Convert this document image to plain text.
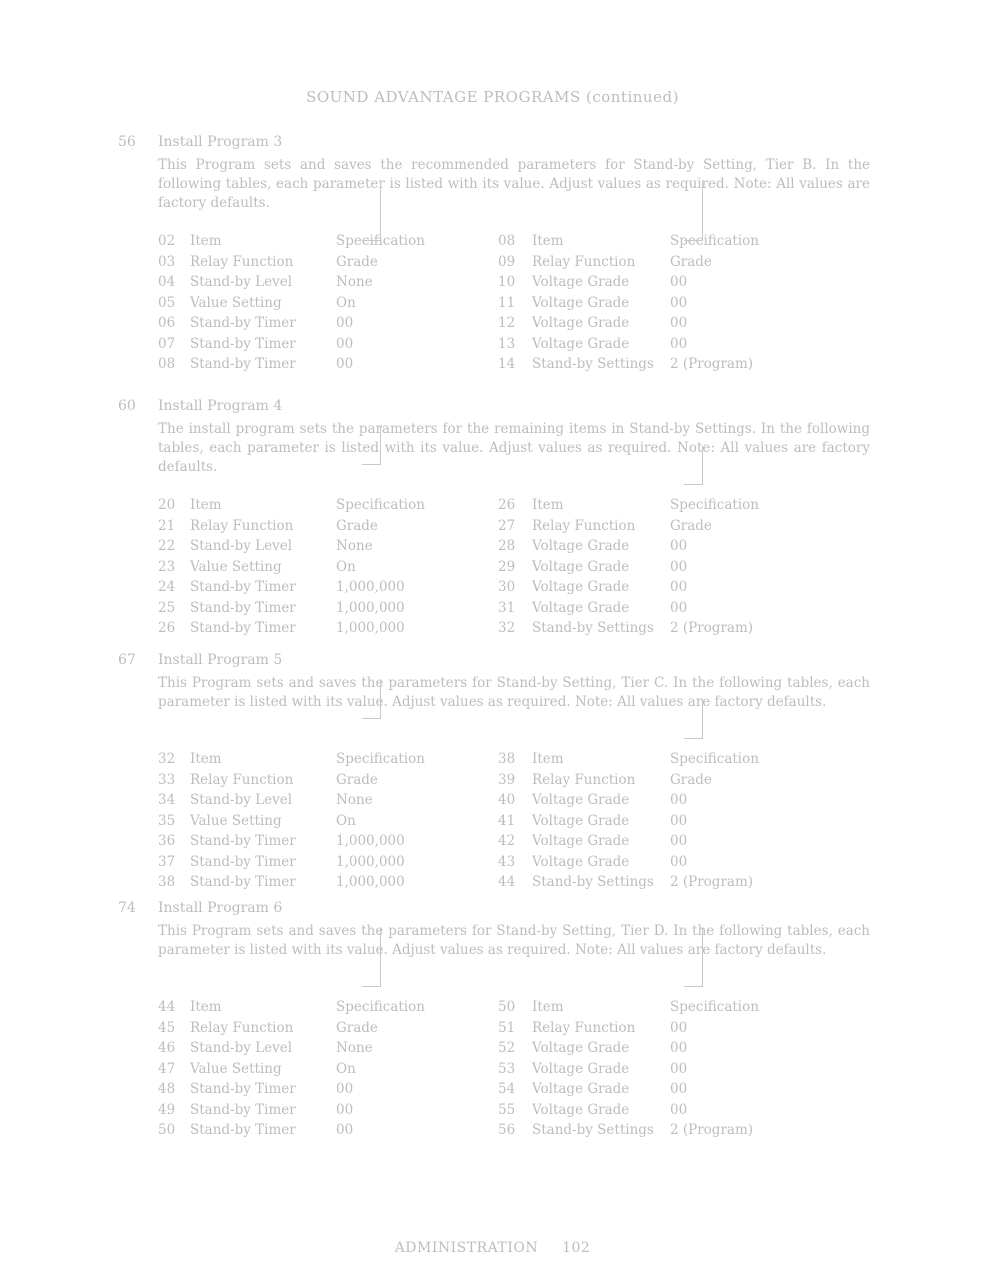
SOUND ADVANTAGE PROGRAMS (continued)
56 Install Program 3
This Program sets and saves the recommended parameters for Stand-by Setting, Tier B. In the following tables, each parameter is listed with its value. Adjust values as required. Note: All values are factory defaults.
02 Item	Specification	08 Item	Specification
03 Relay Function	Grade	09 Relay Function	Grade
04 Stand-by Level	None	10 Voltage Grade	00
05 Value Setting	On	11 Voltage Grade	00
06 Stand-by Timer	00	12 Voltage Grade	00
07 Stand-by Timer	00	13 Voltage Grade	00
08 Stand-by Timer	00	14 Stand-by Settings 2 (Program)
60 Install Program 4
The install program sets the parameters for the remaining items in Stand-by Settings. In the following tables, each parameter is listed with its value. Adjust values as required. Note: All values are factory defaults.
20 Item	Specification	26 Item	Specification
21 Relay Function	Grade	27 Relay Function	Grade
22 Stand-by Level	None	28 Voltage Grade	00
23 Value Setting	On	29 Voltage Grade	00
24 Stand-by Timer	1,000,000	30 Voltage Grade	00
25 Stand-by Timer	1,000,000	31 Voltage Grade	00
26 Stand-by Timer	1,000,000	32 Stand-by Settings 2 (Program)
67 Install Program 5
This Program sets and saves the parameters for Stand-by Setting, Tier C. In the following tables, each parameter is listed with its value. Adjust values as required. Note: All values are factory defaults.
32 Item	Specification	38 Item	Specification
33 Relay Function	Grade	39 Relay Function	Grade
34 Stand-by Level	None	40 Voltage Grade	00
35 Value Setting	On	41 Voltage Grade	00
36 Stand-by Timer	1,000,000	42 Voltage Grade	00
37 Stand-by Timer	1,000,000	43 Voltage Grade	00
38 Stand-by Timer	1,000,000	44 Stand-by Settings 2 (Program)
74 Install Program 6
This Program sets and saves the parameters for Stand-by Setting, Tier D. In the following tables, each parameter is listed with its value. Adjust values as required. Note: All values are factory defaults.
44 Item	Specification	50 Item	Specification
45 Relay Function	Grade	51 Relay Function	00
46 Stand-by Level	None	52 Voltage Grade	00
47 Value Setting	On	53 Voltage Grade	00
48 Stand-by Timer	00	54 Voltage Grade	00
49 Stand-by Timer	00	55 Voltage Grade	00
50 Stand-by Timer	00	56 Stand-by Settings 2 (Program)
ADMINISTRATION 102
